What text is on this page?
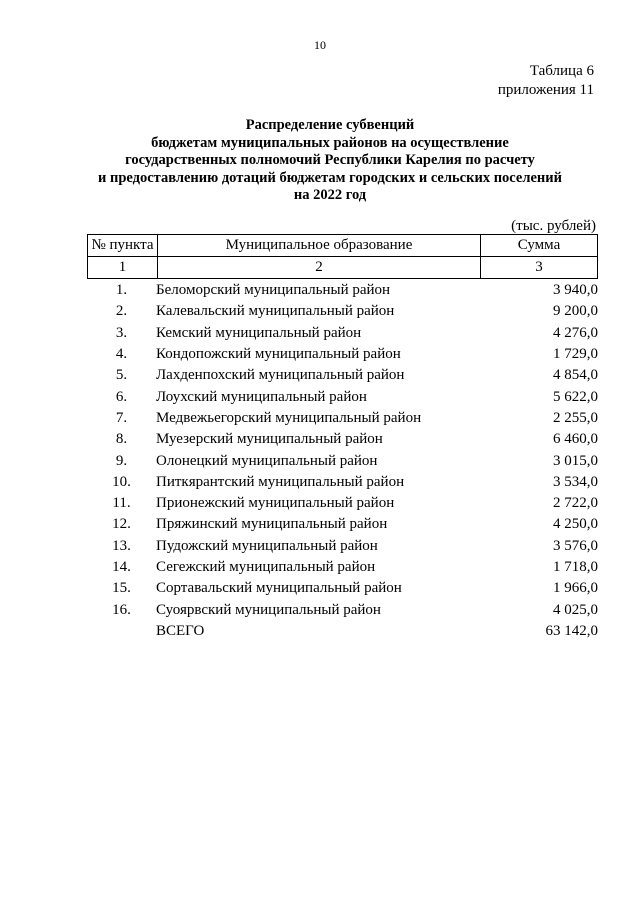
10
Таблица 6
приложения 11
Распределение субвенций
бюджетам муниципальных районов на осуществление
государственных полномочий Республики Карелия по расчету
и предоставлению дотаций бюджетам городских и сельских поселений
на 2022 год
(тыс. рублей)
№ пункта	Муниципальное образование	Сумма
1	2	3
1.	Беломорский муниципальный район	3 940,0
2.	Калевальский муниципальный район	9 200,0
3.	Кемский муниципальный район	4 276,0
4.	Кондопожский муниципальный район	1 729,0
5.	Лахденпохский муниципальный район	4 854,0
6.	Лоухский муниципальный район	5 622,0
7.	Медвежьегорский муниципальный район	2 255,0
8.	Муезерский муниципальный район	6 460,0
9.	Олонецкий муниципальный район	3 015,0
10.	Питкярантский муниципальный район	3 534,0
11.	Прионежский муниципальный район	2 722,0
12.	Пряжинский муниципальный район	4 250,0
13.	Пудожский муниципальный район	3 576,0
14.	Сегежский муниципальный район	1 718,0
15.	Сортавальский муниципальный район	1 966,0
16.	Суоярвский муниципальный район	4 025,0
	ВСЕГО	63 142,0
